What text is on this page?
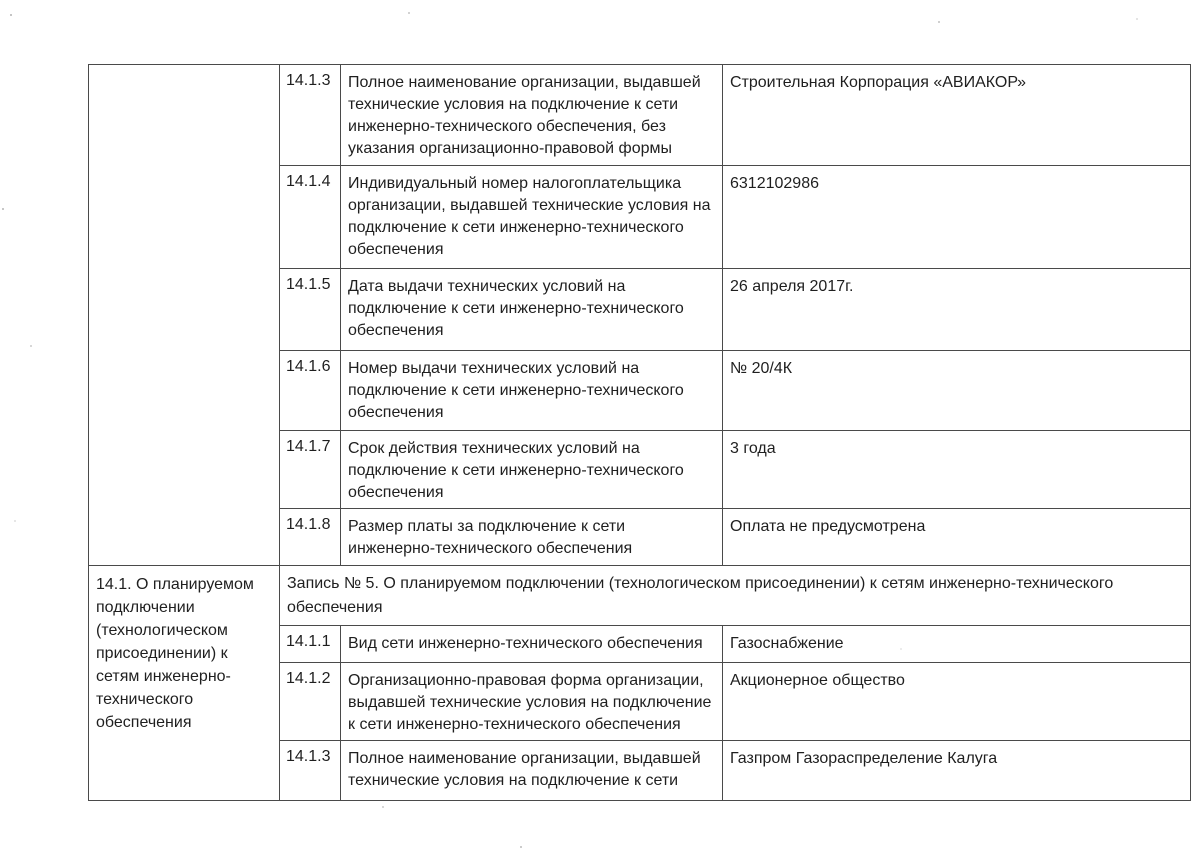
	14.1.3	Полное наименование организации, выдавшей технические условия на подключение к сети инженерно-технического обеспечения, без указания организационно-правовой формы	Строительная Корпорация «АВИАКОР»
	14.1.4	Индивидуальный номер налогоплательщика организации, выдавшей технические условия на подключение к сети инженерно-технического обеспечения	6312102986
	14.1.5	Дата выдачи технических условий на подключение к сети инженерно-технического обеспечения	26 апреля 2017г.
	14.1.6	Номер выдачи технических условий на подключение к сети инженерно-технического обеспечения	№ 20/4К
	14.1.7	Срок действия технических условий на подключение к сети инженерно-технического обеспечения	3 года
	14.1.8	Размер платы за подключение к сети инженерно-технического обеспечения	Оплата не предусмотрена
14.1. О планируемом подключении (технологическом присоединении) к сетям инженерно-технического обеспечения	Запись № 5. О планируемом подключении (технологическом присоединении) к сетям инженерно-технического обеспечения		

	14.1.1	Вид сети инженерно-технического обеспечения	Газоснабжение
	14.1.2	Организационно-правовая форма организации, выдавшей технические условия на подключение к сети инженерно-технического обеспечения	Акционерное общество
	14.1.3	Полное наименование организации, выдавшей технические условия на подключение к сети	Газпром Газораспределение Калуга
